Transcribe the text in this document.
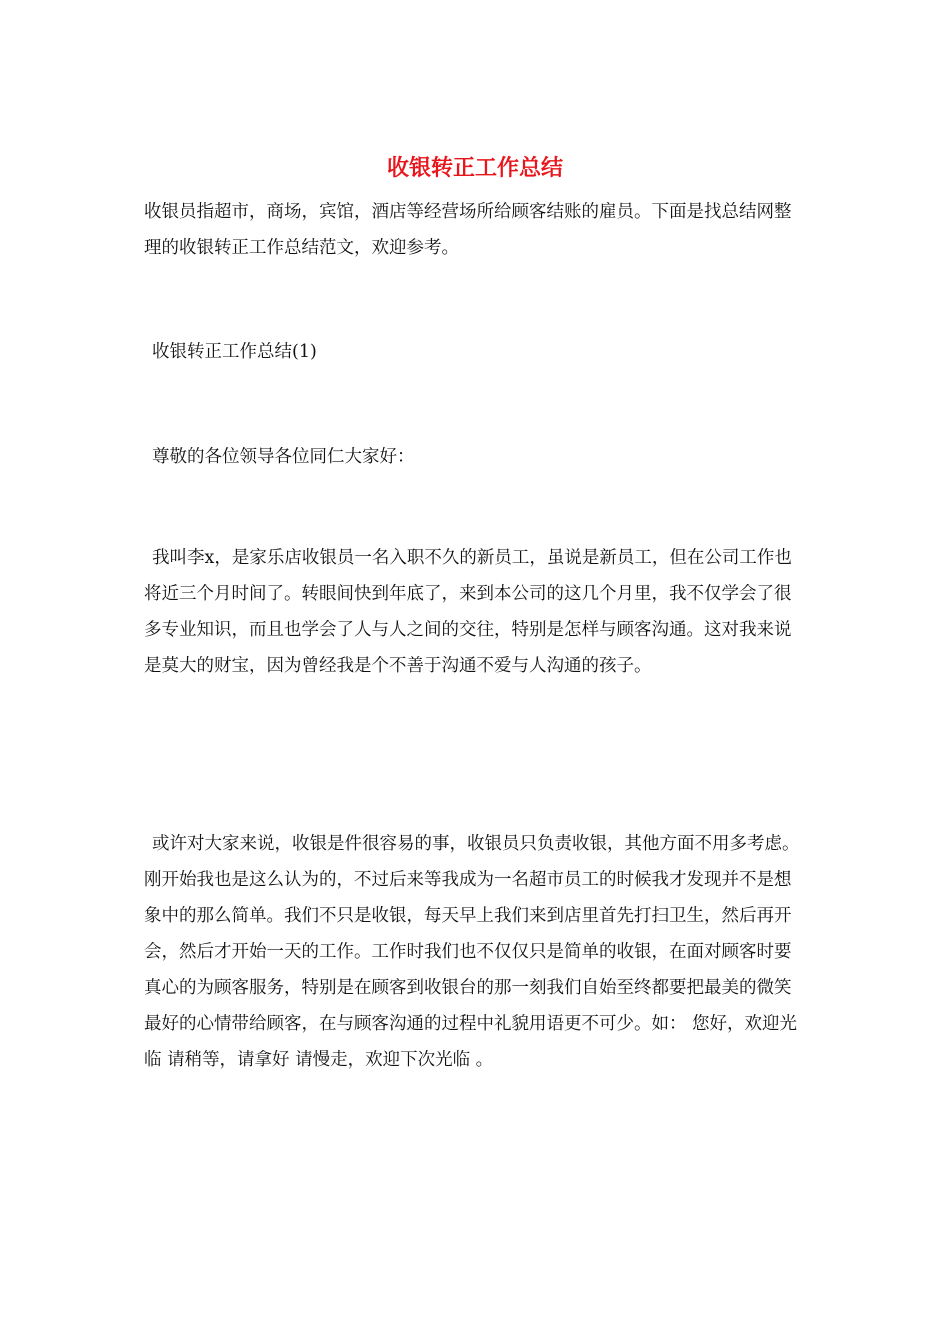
收银转正工作总结

收银员指超市，商场，宾馆，酒店等经营场所给顾客结账的雇员。下面是找总结网整理的收银转正工作总结范文，欢迎参考。

收银转正工作总结(1)

尊敬的各位领导各位同仁大家好：

我叫李x，是家乐店收银员一名入职不久的新员工，虽说是新员工，但在公司工作也将近三个月时间了。转眼间快到年底了，来到本公司的这几个月里，我不仅学会了很多专业知识，而且也学会了人与人之间的交往，特别是怎样与顾客沟通。这对我来说是莫大的财宝，因为曾经我是个不善于沟通不爱与人沟通的孩子。

或许对大家来说，收银是件很容易的事，收银员只负责收银，其他方面不用多考虑。刚开始我也是这么认为的，不过后来等我成为一名超市员工的时候我才发现并不是想象中的那么简单。我们不只是收银，每天早上我们来到店里首先打扫卫生，然后再开会，然后才开始一天的工作。工作时我们也不仅仅只是简单的收银，在面对顾客时要真心的为顾客服务，特别是在顾客到收银台的那一刻我们自始至终都要把最美的微笑最好的心情带给顾客，在与顾客沟通的过程中礼貌用语更不可少。如： 您好，欢迎光临 请稍等，请拿好 请慢走，欢迎下次光临 。
